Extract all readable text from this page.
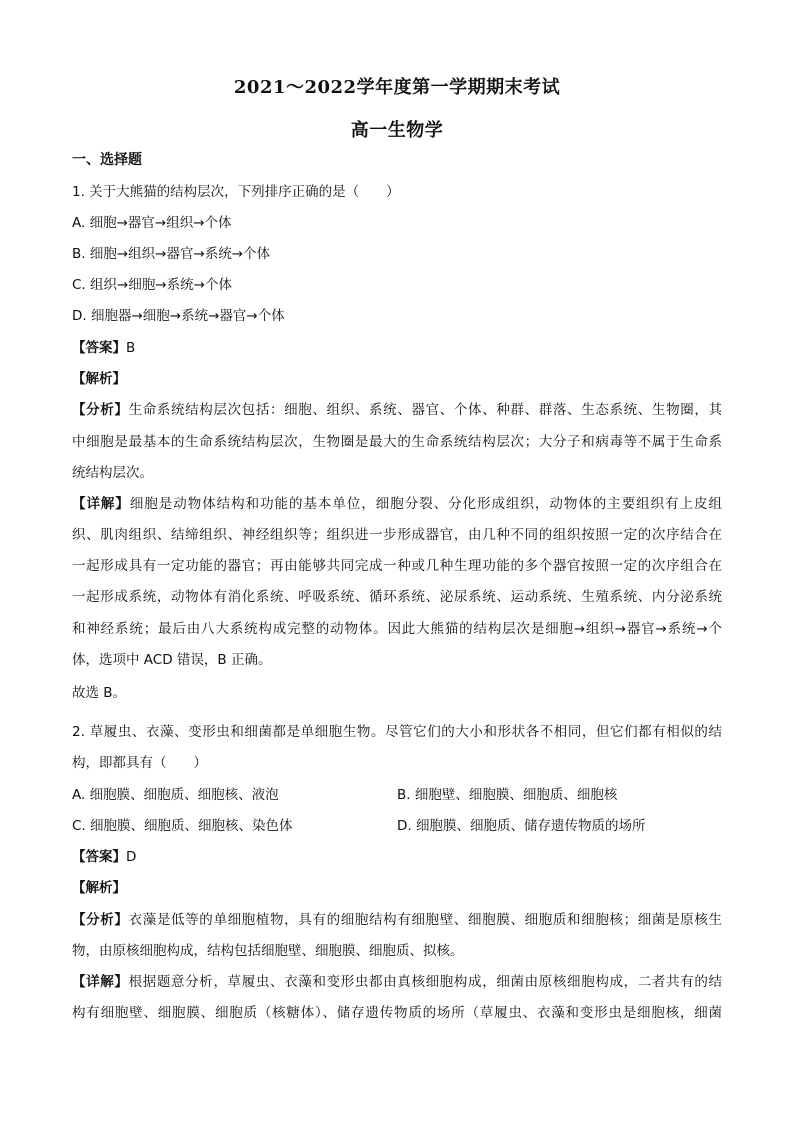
2021～2022学年度第一学期期末考试
高一生物学
一、选择题
1. 关于大熊猫的结构层次，下列排序正确的是（　　）
A. 细胞→器官→组织→个体
B. 细胞→组织→器官→系统→个体
C. 组织→细胞→系统→个体
D. 细胞器→细胞→系统→器官→个体
【答案】B
【解析】
【分析】生命系统结构层次包括：细胞、组织、系统、器官、个体、种群、群落、生态系统、生物圈，其
中细胞是最基本的生命系统结构层次，生物圈是最大的生命系统结构层次；大分子和病毒等不属于生命系
统结构层次。
【详解】细胞是动物体结构和功能的基本单位，细胞分裂、分化形成组织，动物体的主要组织有上皮组
织、肌肉组织、结缔组织、神经组织等；组织进一步形成器官，由几种不同的组织按照一定的次序结合在
一起形成具有一定功能的器官；再由能够共同完成一种或几种生理功能的多个器官按照一定的次序组合在
一起形成系统，动物体有消化系统、呼吸系统、循环系统、泌尿系统、运动系统、生殖系统、内分泌系统
和神经系统；最后由八大系统构成完整的动物体。因此大熊猫的结构层次是细胞→组织→器官→系统→个
体，选项中 ACD 错误，B 正确。
故选 B。
2. 草履虫、衣藻、变形虫和细菌都是单细胞生物。尽管它们的大小和形状各不相同，但它们都有相似的结
构，即都具有（　　）
A. 细胞膜、细胞质、细胞核、液泡	B. 细胞壁、细胞膜、细胞质、细胞核
C. 细胞膜、细胞质、细胞核、染色体	D. 细胞膜、细胞质、储存遗传物质的场所
【答案】D
【解析】
【分析】衣藻是低等的单细胞植物，具有的细胞结构有细胞壁、细胞膜、细胞质和细胞核；细菌是原核生
物，由原核细胞构成，结构包括细胞壁、细胞膜、细胞质、拟核。
【详解】根据题意分析，草履虫、衣藻和变形虫都由真核细胞构成，细菌由原核细胞构成，二者共有的结
构有细胞壁、细胞膜、细胞质（核糖体）、储存遗传物质的场所（草履虫、衣藻和变形虫是细胞核，细菌
